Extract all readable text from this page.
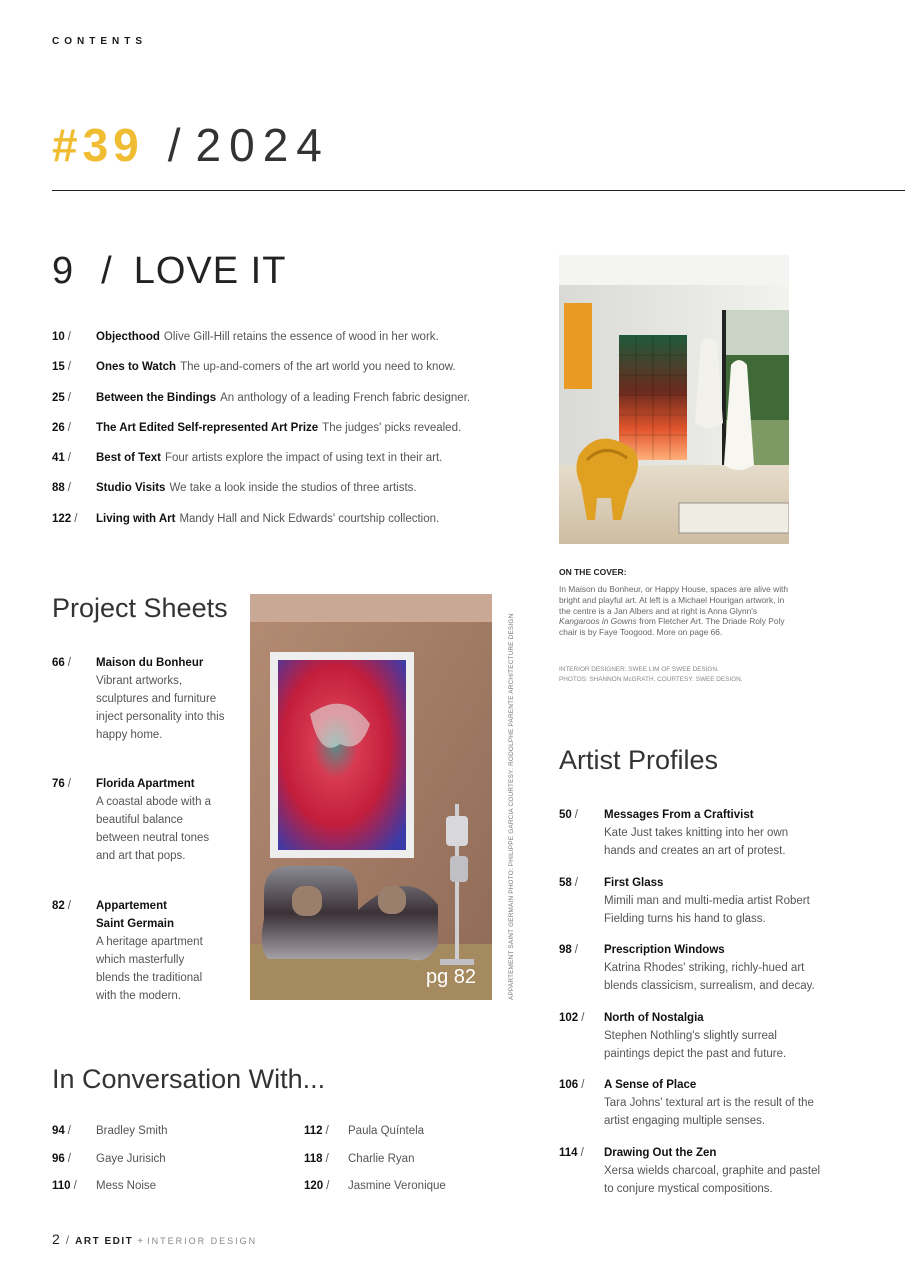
CONTENTS
#39 / 2024
9 / LOVE IT
10 /	Objecthood Olive Gill-Hill retains the essence of wood in her work.
15 /	Ones to Watch The up-and-comers of the art world you need to know.
25 /	Between the Bindings An anthology of a leading French fabric designer.
26 /	The Art Edited Self-represented Art Prize The judges' picks revealed.
41 /	Best of Text Four artists explore the impact of using text in their art.
88 /	Studio Visits We take a look inside the studios of three artists.
122 /	Living with Art Mandy Hall and Nick Edwards' courtship collection.
ON THE COVER:
In Maison du Bonheur, or Happy House, spaces are alive with bright and playful art. At left is a Michael Hourigan artwork, in the centre is a Jan Albers and at right is Anna Glynn's Kangaroos in Gowns from Fletcher Art. The Driade Roly Poly chair is by Faye Toogood. More on page 66.
INTERIOR DESIGNER: SWEE LIM OF SWEE DESIGN.
PHOTOS: SHANNON McGRATH. COURTESY: SWEE DESIGN.
Project Sheets
66 / Maison du Bonheur
Vibrant artworks, sculptures and furniture inject personality into this happy home.
76 / Florida Apartment
A coastal abode with a beautiful balance between neutral tones and art that pops.
82 / Appartement Saint Germain
A heritage apartment which masterfully blends the traditional with the modern.
pg 82	APPARTEMENT SAINT GERMAIN PHOTO: PHILIPPE GARCIA COURTESY: RODOLPHE PARENTE ARCHITECTURE DESIGN Artist Profiles
50 / Messages From a Craftivist
Kate Just takes knitting into her own hands and creates an art of protest.
58 / First Glass
Mimili man and multi-media artist Robert Fielding turns his hand to glass.
98 / Prescription Windows
Katrina Rhodes' striking, richly-hued art blends classicism, surrealism, and decay.
102 / North of Nostalgia
Stephen Nothling's slightly surreal paintings depict the past and future.
106 / A Sense of Place
Tara Johns' textural art is the result of the artist engaging multiple senses.
114 / Drawing Out the Zen
Xersa wields charcoal, graphite and pastel to conjure mystical compositions.
In Conversation With...
94 /	Bradley Smith
96 /	Gaye Jurisich
110 /	Mess Noise
112 /	Paula Quíntela
118 /	Charlie Ryan
120 /	Jasmine Veronique
2 / ART EDIT + INTERIOR DESIGN
